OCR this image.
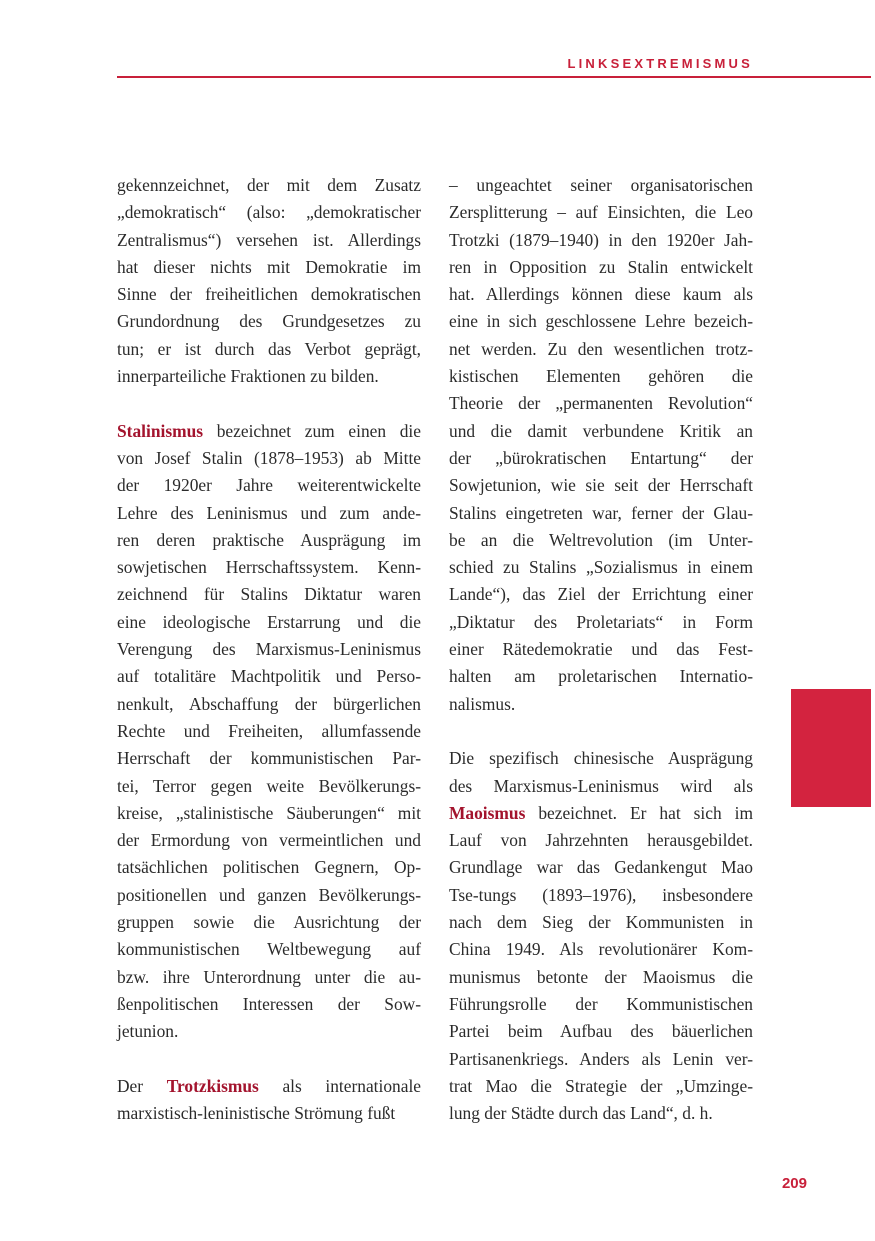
LINKSEXTREMISMUS
gekennzeichnet, der mit dem Zusatz
„demokratisch“ (also: „demokratischer
Zentralismus“) versehen ist. Allerdings
hat dieser nichts mit Demokratie im
Sinne der freiheitlichen demokratischen
Grundordnung des Grundgesetzes zu
tun; er ist durch das Verbot geprägt,
innerparteiliche Fraktionen zu bilden.
Stalinismus bezeichnet zum einen die
von Josef Stalin (1878–1953) ab Mitte
der 1920er Jahre weiterentwickelte
Lehre des Leninismus und zum ande-
ren deren praktische Ausprägung im
sowjetischen Herrschaftssystem. Kenn-
zeichnend für Stalins Diktatur waren
eine ideologische Erstarrung und die
Verengung des Marxismus-Leninismus
auf totalitäre Machtpolitik und Perso-
nenkult, Abschaffung der bürgerlichen
Rechte und Freiheiten, allumfassende
Herrschaft der kommunistischen Par-
tei, Terror gegen weite Bevölkerungs-
kreise, „stalinistische Säuberungen“ mit
der Ermordung von vermeintlichen und
tatsächlichen politischen Gegnern, Op-
positionellen und ganzen Bevölkerungs-
gruppen sowie die Ausrichtung der
kommunistischen Weltbewegung auf
bzw. ihre Unterordnung unter die au-
ßenpolitischen Interessen der Sow-
jetunion.
Der Trotzkismus als internationale
marxistisch-leninistische Strömung fußt
– ungeachtet seiner organisatorischen
Zersplitterung – auf Einsichten, die Leo
Trotzki (1879–1940) in den 1920er Jah-
ren in Opposition zu Stalin entwickelt
hat. Allerdings können diese kaum als
eine in sich geschlossene Lehre bezeich-
net werden. Zu den wesentlichen trotz-
kistischen Elementen gehören die
Theorie der „permanenten Revolution“
und die damit verbundene Kritik an
der „bürokratischen Entartung“ der
Sowjetunion, wie sie seit der Herrschaft
Stalins eingetreten war, ferner der Glau-
be an die Weltrevolution (im Unter-
schied zu Stalins „Sozialismus in einem
Lande“), das Ziel der Errichtung einer
„Diktatur des Proletariats“ in Form
einer Rätedemokratie und das Fest-
halten am proletarischen Internatio-
nalismus.
Die spezifisch chinesische Ausprägung
des Marxismus-Leninismus wird als
Maoismus bezeichnet. Er hat sich im
Lauf von Jahrzehnten herausgebildet.
Grundlage war das Gedankengut Mao
Tse-tungs (1893–1976), insbesondere
nach dem Sieg der Kommunisten in
China 1949. Als revolutionärer Kom-
munismus betonte der Maoismus die
Führungsrolle der Kommunistischen
Partei beim Aufbau des bäuerlichen
Partisanenkriegs. Anders als Lenin ver-
trat Mao die Strategie der „Umzinge-
lung der Städte durch das Land“, d. h.
209
